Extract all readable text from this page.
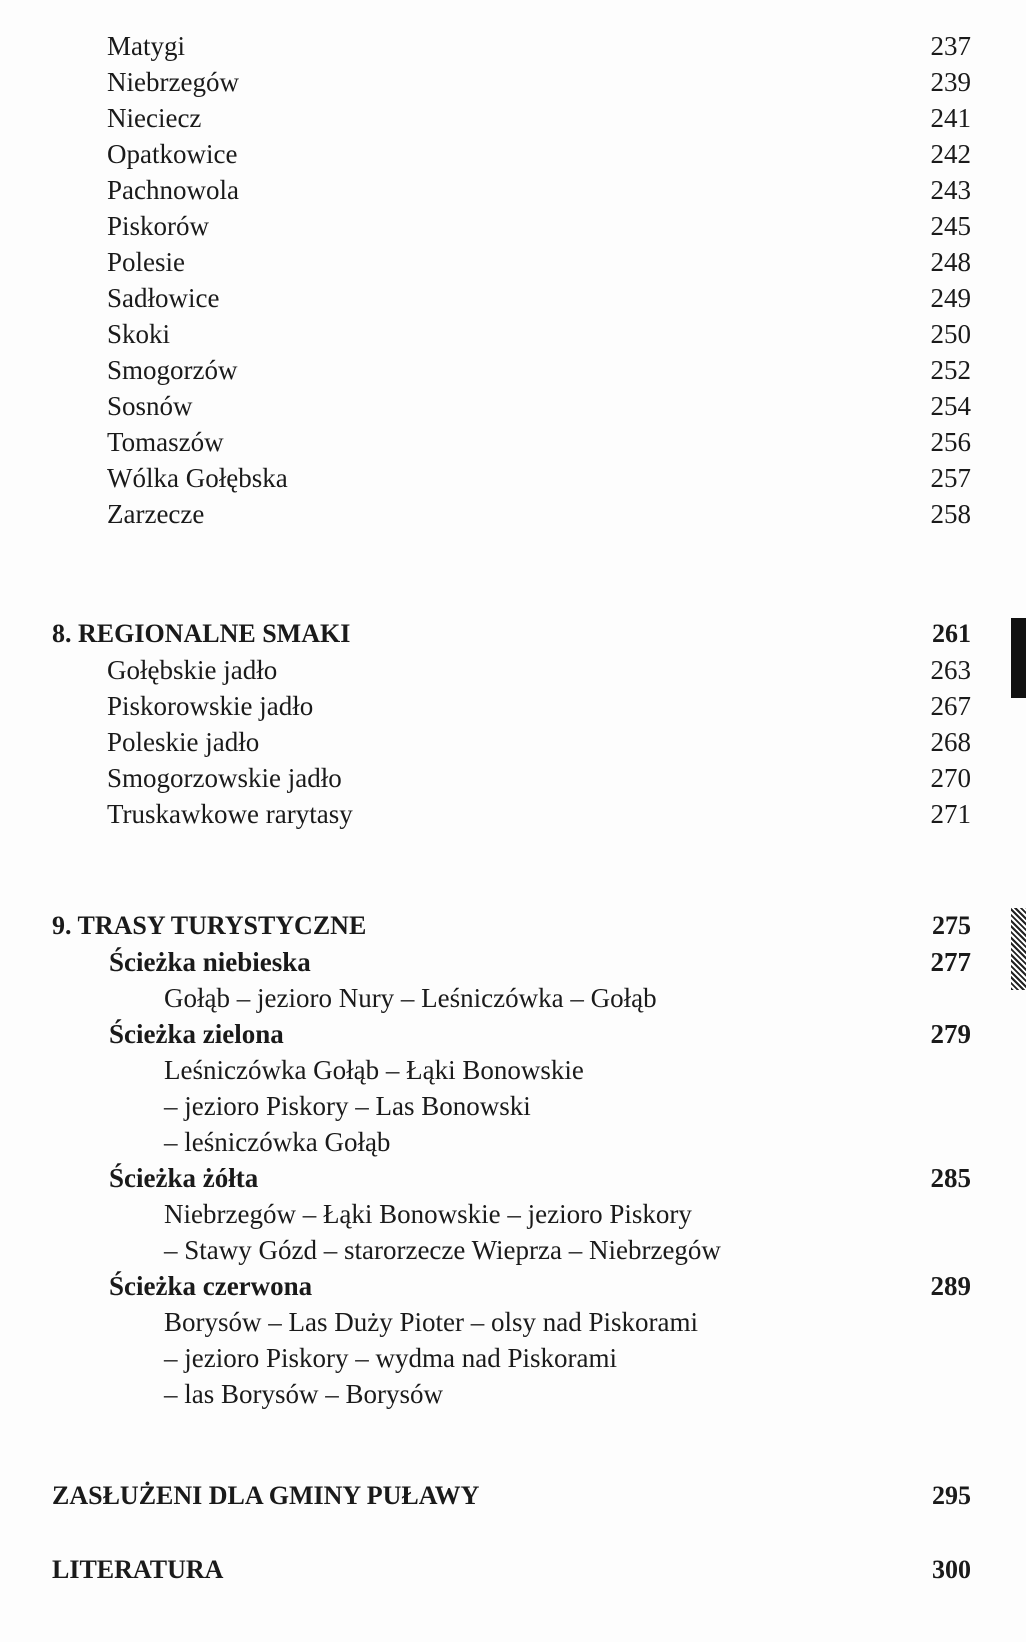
Matygi	237
Niebrzegów	239
Nieciecz	241
Opatkowice	242
Pachnowola	243
Piskorów	245
Polesie	248
Sadłowice	249
Skoki	250
Smogorzów	252
Sosnów	254
Tomaszów	256
Wólka Gołębska	257
Zarzecze	258
8. REGIONALNE SMAKI	261
Gołębskie jadło	263
Piskorowskie jadło	267
Poleskie jadło	268
Smogorzowskie jadło	270
Truskawkowe rarytasy	271
9. TRASY TURYSTYCZNE	275
Ścieżka niebieska	277
Gołąb – jezioro Nury – Leśniczówka – Gołąb
Ścieżka zielona	279
Leśniczówka Gołąb – Łąki Bonowskie
– jezioro Piskory – Las Bonowski
– leśniczówka Gołąb
Ścieżka żółta	285
Niebrzegów – Łąki Bonowskie – jezioro Piskory
– Stawy Gózd – starorzecze Wieprza – Niebrzegów
Ścieżka czerwona	289
Borysów – Las Duży Pioter – olsy nad Piskorami
– jezioro Piskory – wydma nad Piskorami
– las Borysów – Borysów
ZASŁUŻENI DLA GMINY PUŁAWY	295
LITERATURA	300
